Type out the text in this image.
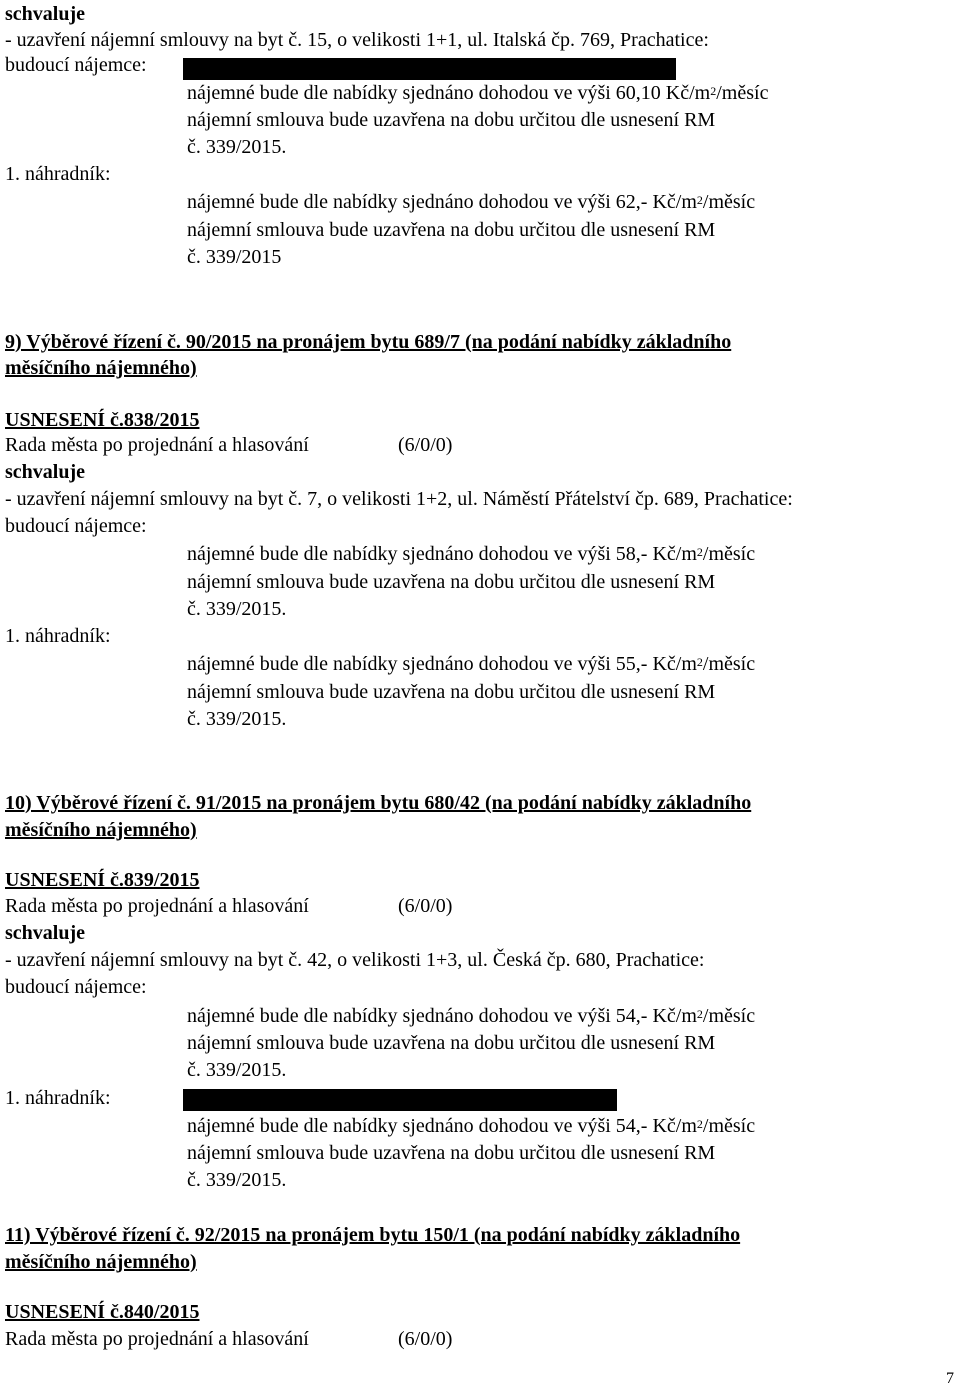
schvaluje
- uzavření nájemní smlouvy na byt č. 15, o velikosti 1+1, ul. Italská čp. 769, Prachatice:
budoucí nájemce:
nájemné bude dle nabídky sjednáno dohodou ve výši 60,10 $Kč/m^2$/měsíc
nájemní smlouva bude uzavřena na dobu určitou dle usnesení RM
č. 339/2015.
1. náhradník:
nájemné bude dle nabídky sjednáno dohodou ve výši 62,- $Kč/m^2$/měsíc
nájemní smlouva bude uzavřena na dobu určitou dle usnesení RM
č. 339/2015
9) Výběrové řízení č. 90/2015 na pronájem bytu 689/7 (na podání nabídky základního
měsíčního nájemného)
USNESENÍ č.838/2015
Rada města po projednání a hlasování	(6/0/0)
schvaluje
- uzavření nájemní smlouvy na byt č. 7, o velikosti 1+2, ul. Náměstí Přátelství čp. 689, Prachatice:
budoucí nájemce:
nájemné bude dle nabídky sjednáno dohodou ve výši 58,- $Kč/m^2$/měsíc
nájemní smlouva bude uzavřena na dobu určitou dle usnesení RM
č. 339/2015.
1. náhradník:
nájemné bude dle nabídky sjednáno dohodou ve výši 55,- $Kč/m^2$/měsíc
nájemní smlouva bude uzavřena na dobu určitou dle usnesení RM
č. 339/2015.
10) Výběrové řízení č. 91/2015 na pronájem bytu 680/42 (na podání nabídky základního
měsíčního nájemného)
USNESENÍ č.839/2015
Rada města po projednání a hlasování	(6/0/0)
schvaluje
- uzavření nájemní smlouvy na byt č. 42, o velikosti 1+3, ul. Česká čp. 680, Prachatice:
budoucí nájemce:
nájemné bude dle nabídky sjednáno dohodou ve výši 54,- $Kč/m^2$/měsíc
nájemní smlouva bude uzavřena na dobu určitou dle usnesení RM
č. 339/2015.
1. náhradník:
nájemné bude dle nabídky sjednáno dohodou ve výši 54,- $Kč/m^2$/měsíc
nájemní smlouva bude uzavřena na dobu určitou dle usnesení RM
č. 339/2015.
11) Výběrové řízení č. 92/2015 na pronájem bytu 150/1 (na podání nabídky základního
měsíčního nájemného)
USNESENÍ č.840/2015
Rada města po projednání a hlasování	(6/0/0)
7
